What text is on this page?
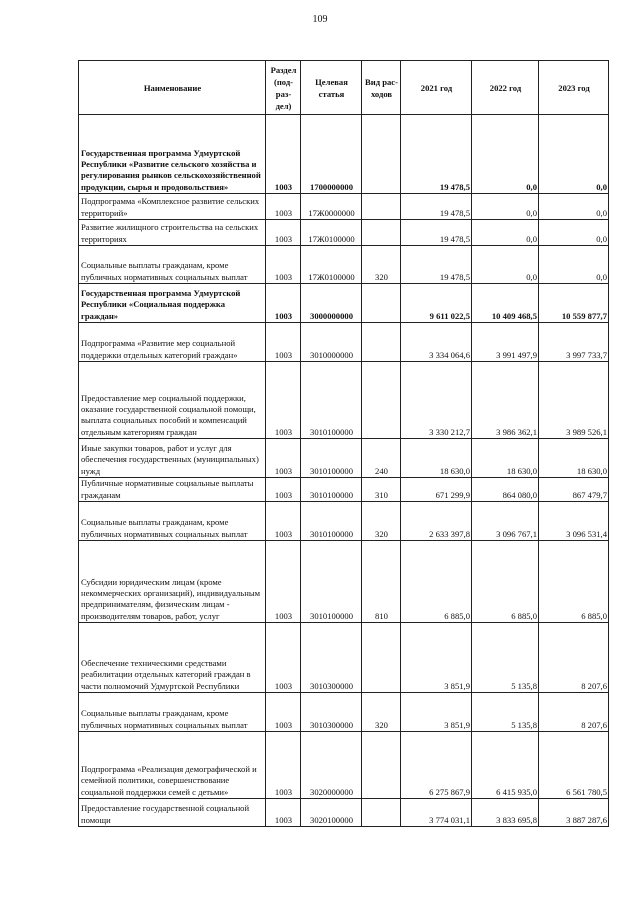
109
Наименование	Раздел (под- раз- дел)	Целевая статья	Вид рас- ходов	2021 год	2022 год	2023 год

Государственная программа Удмуртской Республики «Развитие сельского хозяйства и регулирования рынков сельскохозяйственной продукции, сырья и продовольствия»	1003	1700000000		19 478,5	0,0	0,0

Подпрограмма «Комплексное развитие сельских территорий»	1003	17Ж0000000		19 478,5	0,0	0,0

Развитие жилищного строительства на сельских территориях	1003	17Ж0100000		19 478,5	0,0	0,0

Социальные выплаты гражданам, кроме публичных нормативных социальных выплат	1003	17Ж0100000	320	19 478,5	0,0	0,0

Государственная программа Удмуртской Республики «Социальная поддержка граждан»	1003	3000000000		9 611 022,5	10 409 468,5	10 559 877,7

Подпрограмма «Развитие мер социальной поддержки отдельных категорий граждан»	1003	3010000000		3 334 064,6	3 991 497,9	3 997 733,7

Предоставление мер социальной поддержки, оказание государственной социальной помощи, выплата социальных пособий и компенсаций отдельным категориям граждан	1003	3010100000		3 330 212,7	3 986 362,1	3 989 526,1

Иные закупки товаров, работ и услуг для обеспечения государственных (муниципальных) нужд	1003	3010100000	240	18 630,0	18 630,0	18 630,0

Публичные нормативные социальные выплаты гражданам	1003	3010100000	310	671 299,9	864 080,0	867 479,7

Социальные выплаты гражданам, кроме публичных нормативных социальных выплат	1003	3010100000	320	2 633 397,8	3 096 767,1	3 096 531,4

Субсидии юридическим лицам (кроме некоммерческих организаций), индивидуальным предпринимателям, физическим лицам - производителям товаров, работ, услуг	1003	3010100000	810	6 885,0	6 885,0	6 885,0

Обеспечение техническими средствами реабилитации отдельных категорий граждан в части полномочий Удмуртской Республики	1003	3010300000		3 851,9	5 135,8	8 207,6

Социальные выплаты гражданам, кроме публичных нормативных социальных выплат	1003	3010300000	320	3 851,9	5 135,8	8 207,6

Подпрограмма «Реализация демографической и семейной политики, совершенствование социальной поддержки семей с детьми»	1003	3020000000		6 275 867,9	6 415 935,0	6 561 780,5

Предоставление государственной социальной помощи	1003	3020100000		3 774 031,1	3 833 695,8	3 887 287,6
